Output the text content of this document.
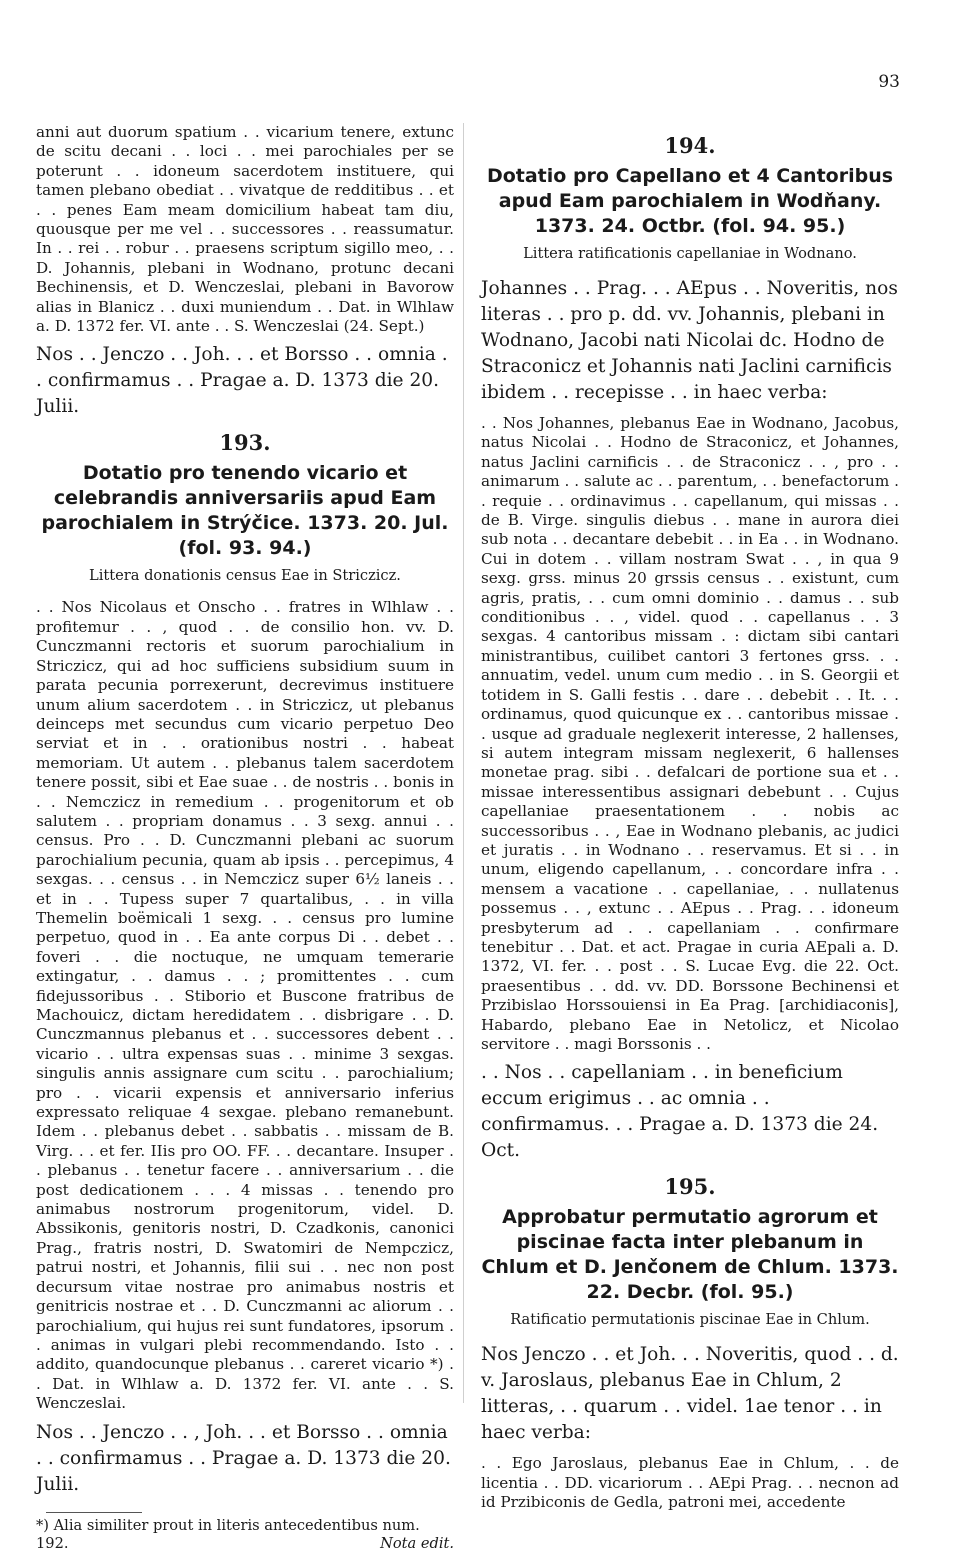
93

anni aut duorum spatium . . vicarium tenere, extunc de scitu decani . . loci . . mei parochiales per se poterunt . . idoneum sacerdotem instituere, qui tamen plebano obediat . . vivatque de redditibus . . et . . penes Eam meam domicilium habeat tam diu, quousque per me vel . . successores . . reassumatur. In . . rei . . robur . . praesens scriptum sigillo meo, . . D. Johannis, plebani in Wodnano, protunc decani Bechinensis, et D. Wenczeslai, plebani in Bavorow alias in Blanicz . . duxi muniendum . . Dat. in Wlhlaw a. D. 1372 fer. VI. ante . . S. Wenczeslai (24. Sept.)

Nos . . Jenczo . . Joh. . . et Borsso . . omnia . . confirmamus . . Pragae a. D. 1373 die 20. Julii.

193.
Dotatio pro tenendo vicario et celebrandis anniversariis apud Eam parochialem in Strýčice. 1373. 20. Jul. (fol. 93. 94.)
Littera donationis census Eae in Striczicz.

. . Nos Nicolaus et Onscho . . fratres in Wlhlaw . . profitemur . . , quod . . de consilio hon. vv. D. Cunczmanni rectoris et suorum parochialium in Striczicz, qui ad hoc sufficiens subsidium suum in parata pecunia porrexerunt, decrevimus instituere unum alium sacerdotem . . in Striczicz, ut plebanus deinceps met secundus cum vicario perpetuo Deo serviat et in . . orationibus nostri . . habeat memoriam. Ut autem . . plebanus talem sacerdotem tenere possit, sibi et Eae suae . . de nostris . . bonis in . . Nemczicz in remedium . . progenitorum et ob salutem . . propriam donamus . . 3 sexg. annui . . census. Pro . . D. Cunczmanni plebani ac suorum parochialium pecunia, quam ab ipsis . . percepimus, 4 sexgas. . . census . . in Nemczicz super 6½ laneis . . et in . . Tupess super 7 quartalibus, . . in villa Themelin boëmicali 1 sexg. . . census pro lumine perpetuo, quod in . . Ea ante corpus Di . . debet . . foveri . . die noctuque, ne umquam temerarie extingatur, . . damus . . ; promittentes . . cum fidejussoribus . . Stiborio et Buscone fratribus de Machouicz, dictam heredidatem . . disbrigare . . D. Cunczmannus plebanus et . . successores debent . . vicario . . ultra expensas suas . . minime 3 sexgas. singulis annis assignare cum scitu . . parochialium; pro . . vicarii expensis et anniversario inferius expressato reliquae 4 sexgae. plebano remanebunt. Idem . . plebanus debet . . sabbatis . . missam de B. Virg. . . et fer. IIis pro OO. FF. . . decantare. Insuper . . plebanus . . tenetur facere . . anniversarium . . die post dedicationem . . . 4 missas . . tenendo pro animabus nostrorum progenitorum, videl. D. Abssikonis, genitoris nostri, D. Czadkonis, canonici Prag., fratris nostri, D. Swatomiri de Nempczicz, patrui nostri, et Johannis, filii sui . . nec non post decursum vitae nostrae pro animabus nostris et genitricis nostrae et . . D. Cunczmanni ac aliorum . . parochialium, qui hujus rei sunt fundatores, ipsorum . . animas in vulgari plebi recommendando. Isto . . addito, quandocunque plebanus . . careret vicario *) . . Dat. in Wlhlaw a. D. 1372 fer. VI. ante . . S. Wenczeslai.

Nos . . Jenczo . . , Joh. . . et Borsso . . omnia . . confirmamus . . Pragae a. D. 1373 die 20. Julii.

*) Alia similiter prout in literis antecedentibus num. 192.	Nota edit.

194.
Dotatio pro Capellano et 4 Cantoribus apud Eam parochialem in Wodňany. 1373. 24. Octbr. (fol. 94. 95.)
Littera ratificationis capellaniae in Wodnano.

Johannes . . Prag. . . AEpus . . Noveritis, nos literas . . pro p. dd. vv. Johannis, plebani in Wodnano, Jacobi nati Nicolai dc. Hodno de Straconicz et Johannis nati Jaclini carnificis ibidem . . recepisse . . in haec verba:

. . Nos Johannes, plebanus Eae in Wodnano, Jacobus, natus Nicolai . . Hodno de Straconicz, et Johannes, natus Jaclini carnificis . . de Straconicz . . , pro . . animarum . . salute ac . . parentum, . . benefactorum . . requie . . ordinavimus . . capellanum, qui missas . . de B. Virge. singulis diebus . . mane in aurora diei sub nota . . decantare debebit . . in Ea . . in Wodnano. Cui in dotem . . villam nostram Swat . . , in qua 9 sexg. grss. minus 20 grssis census . . existunt, cum agris, pratis, . . cum omni dominio . . damus . . sub conditionibus . . , videl. quod . . capellanus . . 3 sexgas. 4 cantoribus missam . : dictam sibi cantari ministrantibus, cuilibet cantori 3 fertones grss. . . annuatim, vedel. unum cum medio . . in S. Georgii et totidem in S. Galli festis . . dare . . debebit . . It. . . ordinamus, quod quicunque ex . . cantoribus missae . . usque ad graduale neglexerit interesse, 2 hallenses, si autem integram missam neglexerit, 6 hallenses monetae prag. sibi . . defalcari de portione sua et . . missae interessentibus assignari debebunt . . Cujus capellaniae praesentationem . . nobis ac successoribus . . , Eae in Wodnano plebanis, ac judici et juratis . . in Wodnano . . reservamus. Et si . . in unum, eligendo capellanum, . . concordare infra . . mensem a vacatione . . capellaniae, . . nullatenus possemus . . , extunc . . AEpus . . Prag. . . idoneum presbyterum ad . . capellaniam . . confirmare tenebitur . . Dat. et act. Pragae in curia AEpali a. D. 1372, VI. fer. . . post . . S. Lucae Evg. die 22. Oct. praesentibus . . dd. vv. DD. Borssone Bechinensi et Przibislao Horssouiensi in Ea Prag. [archidiaconis], Habardo, plebano Eae in Netolicz, et Nicolao servitore . . magi Borssonis . .

. . Nos . . capellaniam . . in beneficium eccum erigimus . . ac omnia . . confirmamus. . . Pragae a. D. 1373 die 24. Oct.

195.
Approbatur permutatio agrorum et piscinae facta inter plebanum in Chlum et D. Jenčonem de Chlum. 1373. 22. Decbr. (fol. 95.)
Ratificatio permutationis piscinae Eae in Chlum.

Nos Jenczo . . et Joh. . . Noveritis, quod . . d. v. Jaroslaus, plebanus Eae in Chlum, 2 litteras, . . quarum . . videl. 1ae tenor . . in haec verba:

. . Ego Jaroslaus, plebanus Eae in Chlum, . . de licentia . . DD. vicariorum . . AEpi Prag. . . necnon ad id Przibiconis de Gedla, patroni mei, accedente
